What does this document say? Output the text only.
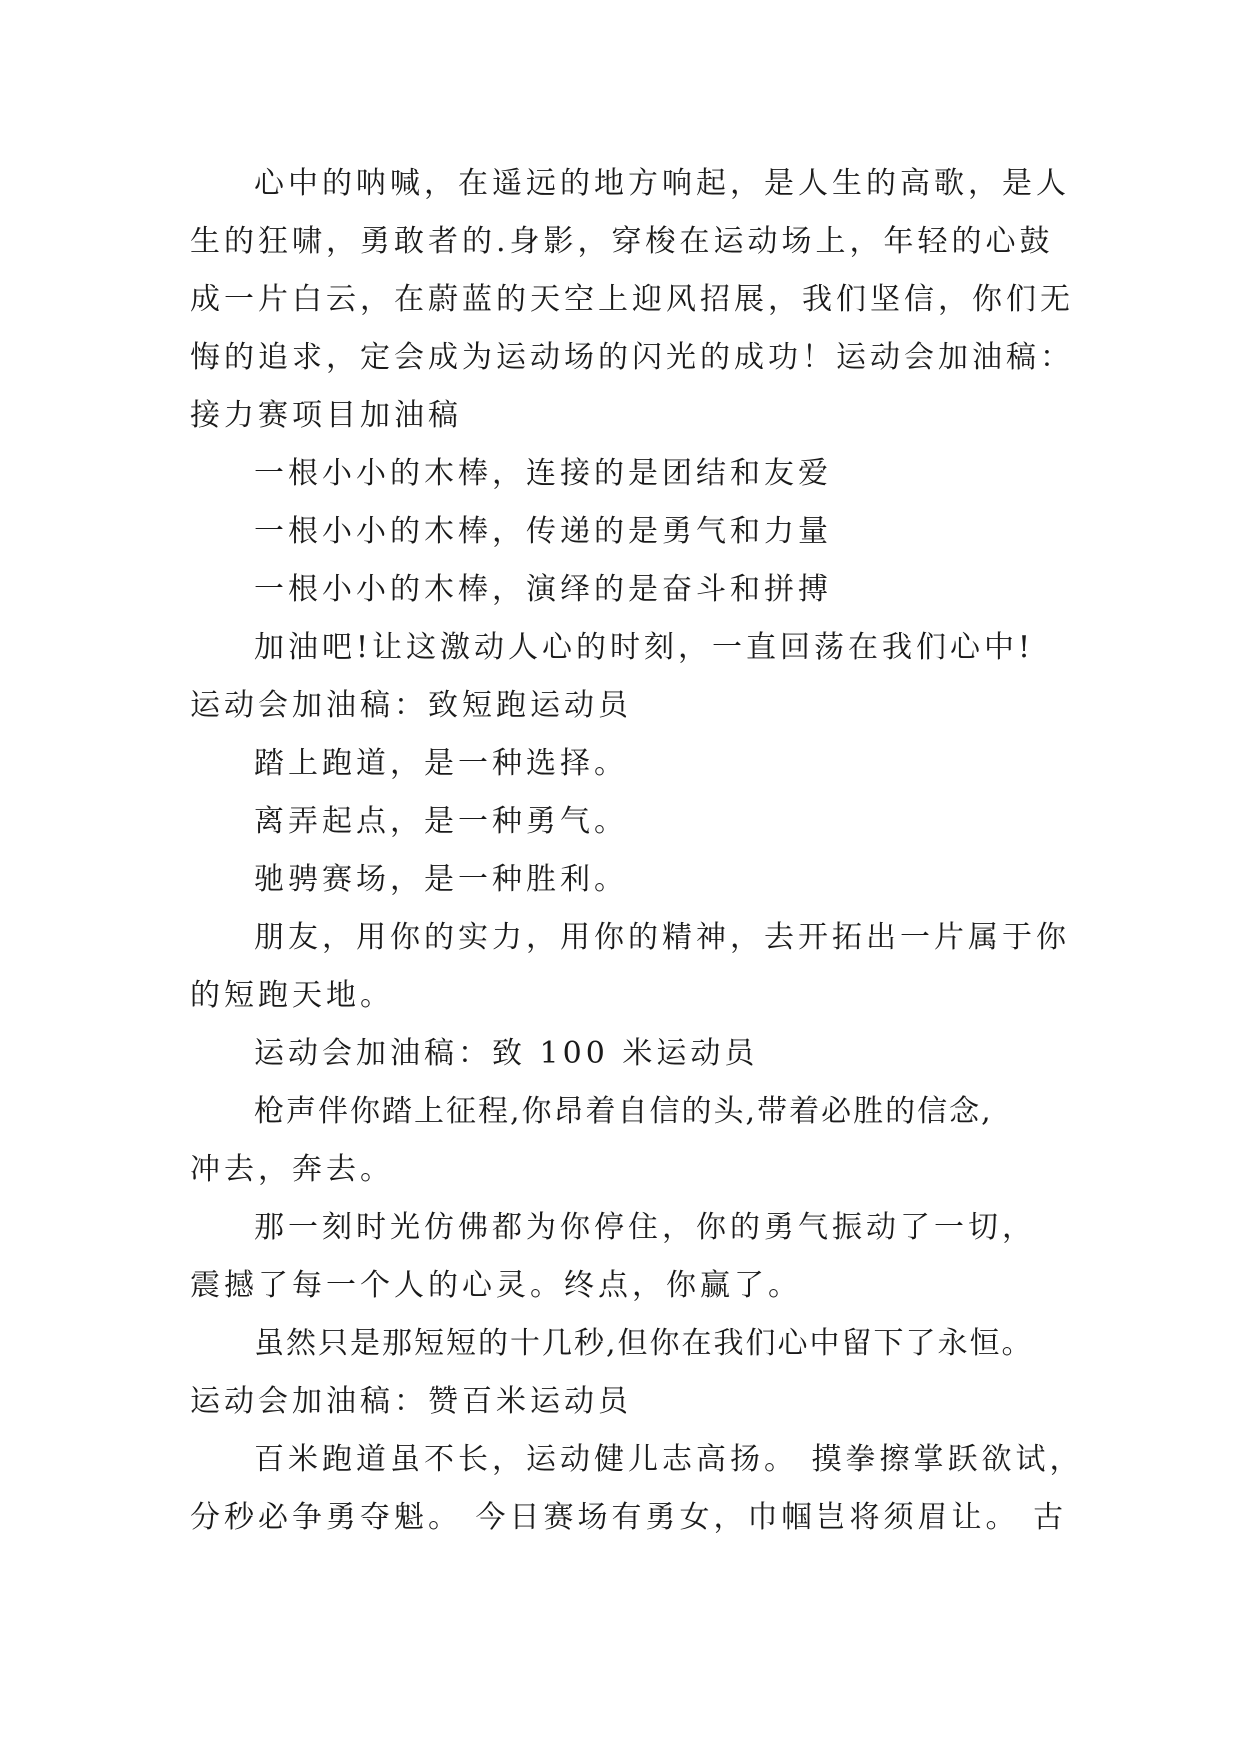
心中的呐喊，在遥远的地方响起，是人生的高歌，是人
生的狂啸，勇敢者的.身影，穿梭在运动场上，年轻的心鼓
成一片白云，在蔚蓝的天空上迎风招展，我们坚信，你们无
悔的追求，定会成为运动场的闪光的成功！运动会加油稿：
接力赛项目加油稿
一根小小的木棒，连接的是团结和友爱
一根小小的木棒，传递的是勇气和力量
一根小小的木棒，演绎的是奋斗和拼搏
加油吧!让这激动人心的时刻，一直回荡在我们心中!
运动会加油稿：致短跑运动员
踏上跑道，是一种选择。
离弄起点，是一种勇气。
驰骋赛场，是一种胜利。
朋友，用你的实力，用你的精神，去开拓出一片属于你
的短跑天地。
运动会加油稿：致 100 米运动员
枪声伴你踏上征程,你昂着自信的头,带着必胜的信念,
冲去，奔去。
那一刻时光仿佛都为你停住，你的勇气振动了一切，
震撼了每一个人的心灵。终点，你赢了。
虽然只是那短短的十几秒,但你在我们心中留下了永恒。
运动会加油稿：赞百米运动员
百米跑道虽不长，运动健儿志高扬。 摸拳擦掌跃欲试，
分秒必争勇夺魁。 今日赛场有勇女，巾帼岂将须眉让。 古
